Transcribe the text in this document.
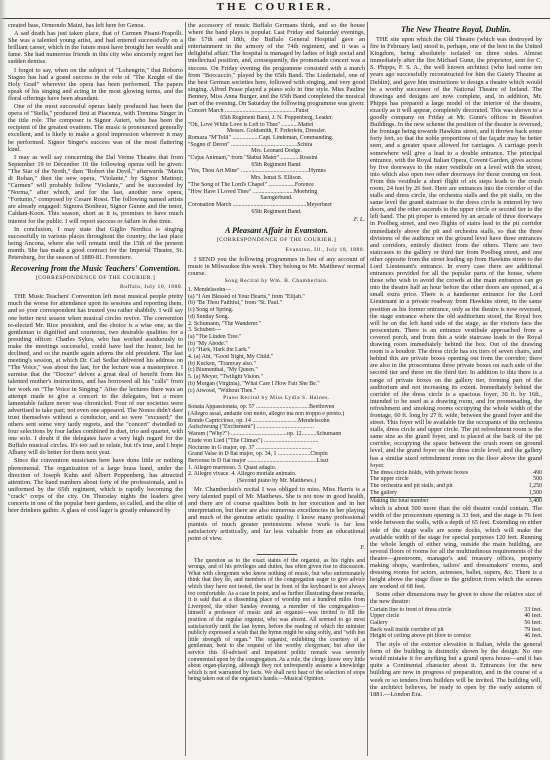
THE COURIER.

created bass, Ormondo Maini, has left here for Genoa.

A sad death has just taken place, that of Carmen Pisani-Frapolli. She was a talented young artist, and had entered successfully on a brilliant career, which in the future must have brought her wealth and fame. She had numerous friends in this city who sincerely regret her sudden demise.

I forgot to say, when on the subject of "Lohengrin," that Roberto Stagno has had a grand success in the role of "The Knight of the Holy Grail" wherever the opera has been performed. The papers speak of his singing and acting in the most glowing terms, and the floral offerings have been abundant.

One of the most successful operas lately produced has been the opera of "Stella," produced first at Piacenza, with Tremina Singer in the title role. The composer is Signor Auteri, who has been the recipient of the greatest ovations. The music is pronounced generally excellent, and is likely to make a good impression wherever it may be performed. Signor Singer's success was of the most flattering kind.

I may as well say concerning the Dal Verme Theatre that from September 19 to December 10 the following operas will be given: "The Star of the North," then "Robert the Devil," afterwards "Maria di Rohan," then the new opera, "Violante," by Signor Mattoni; "Carmen" will probably follow "Violante," and be succeeded by "Norma," after which, and for the last, another new opera, "Fortunio," composed by Cesare Rossi. The following named artists are already engaged: Signora Bonheur, Signor Gunne and the tenor, Caldani-Koon. This season, short as it is, promises to have much interest for the public. I will report success or failure in due time.

In conclusion, I may state that Giglio Nordica is singing successfully in various places throughout the country, the last place being Ancona, where she will remain until the 15th of the present month. She has made a good contract for the Imperial Theatre, St. Petersburg, for the season of 1880-81. Forestiere.

Recovering from the Music Teachers' Convention.

[CORRESPONDENCE OF THE COURIER.]

Buffalo, July 10, 1880.

THE Music Teachers' Convention left most musical people pretty much the worse for attendance upon its sessions and reporting them, and so your correspondent has trusted you rather shabbily. I will say one better next season when musical circles revive. The convention re-elected Mr. Rice president, and the choice is a wise one, as the gentleman is dignified and courteous, two desirable qualities for a presiding officer. Charles Sykes, who has worked assiduously to make the meetings successful, could have had the honor, but he declined, and so the mantle again adorns the old president. The last meeting's session, at which Dr. Carl Sedlar delivered his address on "The Voice," was about the last, for the lecture was a masterpiece. I surmise that the "Doctor" delves a great deal of benefit from his talented mother's instructions, and has borrowed all his "calls" from her work on "The Voice in Singing." After the lectures there was an attempt made to give a concert to the delegates, but a more lamentable failure never was chronicled. Four of our societies were advertised to take part; not even one appeared. The Nonos didn't dare trust themselves without a conductor, and so were "excused;" the others sent some very tardy regrets, and the "concert" dwindled to four selections by four ladies combined in duet, trio and quartet, with one solo. I doubt if the delegates have a very high regard for the Buffalo musical circles. It's too sad to relate, but it's true, and I hope Albany will do better for them next year.

Since the convention musicians here have done little or nothing phenomenal. The organization of a large brass band, under the direction of Joseph Kuhn and Albert Poppenberg, has attracted attention. The band numbers about forty of the professionals, and is uniformed by the 65th regiment, which is rapidly becoming the "crack" corps of the city. On Thursday nights the leaders give concerts in one of the popular beer gardens, so called, and the elite of beer drinkers gather. A glass of cool lager is greatly enhanced by

the accessory of music Buffalo Germans think, and so the house where the band plays is popular. Last Friday and Saturday evenings, the 17th and 18th, the Buffalo General Hospital gave an entertainment in the armory of the 74th regiment, and it was a delightful affair. The hospital is managed by ladies of high social and intellectual position, and, consequently, the promenade concert was a success. On Friday evening the programme consisted with a march from "Boccaccio," played by the 65th Band. The Liedertafel, one of the best German societies here, followed with singing, and very good singing. Alfred Pease played a piano solo in fine style. Miss Pauline Benney, Miss Anna Burger, and the 65th Band completed the musical part of the evening. On Saturday the following programme was given:

Concert March ................................................Faust
65th Regiment Band, J. N. Poppenberg, Leader.
"Oh, Love While Love is Left to Thee" ...........Mattei
Messrs. Goldsmith, F. Federlein, Dressler.
Romaza "M'Tolli" ..................Capt. Lindeman, Commanding.
"Sogno d' Deron" .............................................Schira
Mrs. Leonard Dodge.
"Cujus Animam," from "Stabat Mater" .............Rossini
65th Regiment Band.
"Yes, Thou Art Mine" ..............................................Hymns
Mrs. Ismat S. Ellison.
"The Song of The Lord's Chapel" ..................Forence
"How Have I Loved Thee" ............................Moehring
Saengerbund.
Coronation March ..................................................Meyerbeer
65th Regiment Band.

F. L.

A Pleasant Affair in Evanston.

[CORRESPONDENCE OF THE COURIER.]

Evanston, Ill., July 18, 1880.

I SEND you the following programmes in lieu of any account of music in Milwaukee this week. They belong to Mr. Matthews' normal course.

Song Recital by Wm. B. Chamberlain.

1. Mendelssohn—
(a) "I Am Blessed of Your Hearts," from "Elijah."
(b) "Be Thou Faithful," from "St. Paul."
(c) Song of Spring.
(d) Sunday Song.
2. Schumann, "The Wanderer."
3. Schubert—
(a) "The Linden Tree."
(b) "My Abode."
(c) "Hark, Hark the Lark."
4. (a) Abt, "Good Night, My Child."
(b) Kucken, "Tramvay also."
(c) Blumenthal, "My Queen."
5. (a) Meyer, "Twilight Vision."
(b) Morgan (Virginia), "What Care I How Fair She Be."
(c) Atwood, "Without Thee."

Piano Recital by Miss Lydia S. Haines.

Sonata Appassionata, op. 57 ....................................Beethoven
(Allegro assai, andante con moto, allegro ma non troppo e presto.)
Rondo Capriccioso, op. 14 ...............................Mendelssohn
Aufschwung ("Excitement") .......................................
Warum ("Why?") ......................................op. 12..........Schumann
Etude von Lied ("The Climax") .....................................
Nocturne in G major, op. 37 ......................................
Grand Valse in D flat major, op. 34, 1 ......................Chopin
Berceuse in D flat major ...............................................Liszt
1. Allegro marmoso. 3. Quasi adagio.
2. Allegro vivace. 4. Allegro moriale animato.
(Second piano by Mr. Matthews.)

Mr. Chamberlain's recital I was obliged to miss. Miss Harris is a very talented pupil of Mr. Matthews. She is not now in good health, and there are of course qualities both in her execution and in her interpretation, but there are also numerous excellencies in her playing and much of the genuine artistic quality. I know many professional pianists of much greater pretensions whose work is far less satisfactory artistically, and far less valuable from an educational point of view.

F.

The question as to the exact status of the organist, as his rights and wrongs, and of his privileges and duties, has often given rise to discussion. What with clergymen who know nothing of music, but who unfortunately think that they do, and members of the congregation eager to give advice which they have not tested, the seat in front of the keyboard is not always too comfortable. As a case in point, and as further illustrating these remarks, it is said that at a dissenting place of worship not a hundred miles from Liverpool, the other Sunday evening, a member of the congregation—himself a professor of music and an organist—was invited to fill the position of the regular organist, who was absent. All seemed to go most satisfactorily until the last hymn, before the reading of which the minister publicly expressed a wish that the hymn might be sung softly, and "with but little strength of organ." The organist, exhibiting the courtesy of a gentleman, bent to the request of the worthy clergyman; but after the service this ill-advised and impatient politic remark was severely commented upon by the congregation. As a rule, the clergy know very little about organ-playing, although they not unfrequently assume a knowledge which is not warranted by facts. We shall next hear of the selection of stops being taken out of the organist's hands.—Musical Opinion.

The New Theatre Royal, Dublin.

THE site upon which the Old Theatre (which was destroyed by fire in February last) stood is, perhaps, one of the best in the United Kingdom, being absolutely isolated on three sides. Almost immediately after the fire Michael Gunn, the proprietor, sent for C. S. Phipps, F. S. A., the well known architect (who had some ten years ago successfully reconstructed for him the Gaiety Theatre at Dublin), and gave him instructions to design a theatre which would be a worthy successor of the National Theatre of Ireland. The drawings and designs are now complete, and, in addition, Mr. Phipps has prepared a large model of the interior of the theatre, exactly as it will appear, completely decorated. This was shown to a goodly company on Friday at Mr. Gunn's offices in Beaufort Buildings. In the new scheme the position of the theatre is reversed, the frontage being towards Hawkins street, and it thrown back some forty feet, so that the noble proportions of the façade may be better seen, and a greater space allowed for carriages. A carriage porch somewhere will give a lead to a double entrance. The principal entrance, with the Royal Italian Opera, Covent Garden, gives access by five doorways to the outer vestibule on a level with the street, into which also open two other doorways for those coming on foot. From this vestibule a short flight of six steps leads to the crush room, 24 feet by 26 feet. Here are entrances into the corridor of the stalls and dress circle, the orchestra stalls and the pit stalls, on the same level the grand staircase to the dress circle is entered by two doors, and the other ascends to the upper circle or second tier to the left hand. The pit proper is entered by an arcade of three doorways in Poolbeg street, and two flights of stairs lead to the pit corridor immediately above the pit and orchestra stalls, so that the three divisions of the audience on the ground level have three entrances and corridors, entirely distinct from the others. There are two staircases to the gallery or third tier from Poolbeg street, and one other opposite from the street leading up from Hawkins street to the Lord Lieutenant's entrance. In every case there are additional entrances provided for all the popular parts of the house, where those who wish to avoid the crowds at the main entrances can go into the theatre half an hour before the other doors are opened, at a small extra price. There is a handsome entrance for the Lord Lieutenant in a private roadway from Hawkins street, in the same position as his former entrance, only as the theatre is now reversed, the stage entrance where the old auditorium stood, the Royal box will be on the left hand side of the stage, as the visitors face the proscenium. There is an entrance vestibule approached from a covered porch, and from this a wide staircase leads to the Royal drawing room immediately behind the box. Out of the drawing room is a boudoir. The dress circle has six tiers of seven chairs, and behind this are private boxes opening out from the corridor; there are also in the prosceniums three private boxes on each side of the second tier and three on the third tier. In addition to this there is a range of private boxes on the gallery tier, forming part of the auditorium and not increasing its extent. Immediately behind the corridor of the dress circle is a spacious foyer, 30 ft. by 16ft., intended to be used as a drawing room, and for promenading, the refreshment and smoking rooms occupying the whole width of the frontage, 60 ft. long by 27 ft. wide, between the grand foyer and the street. This foyer will be available for the occupants of the orchestra stalls, dress circle and upper circle. The pit refreshment room is the same size as the grand foyer, and is placed at the back of the pit corridor, occupying the space between the crush room on ground level, and the grand foyer on the dress circle level; and the gallery has a similar sized refreshment room on the floor above the grand foyer.

The dress circle holds, with private boxes	490
The upper circle	500
The orchestra and pit stalls, and pit	1,250
The gallery	1,500
Making the total number	3,400

which is about 500 more than the old theatre could contain. The width of the proscenium opening is 33 feet, and the stage is 76 feet wide between the walls, with a depth of 65 feet. Extending on either side of the stage walls are scene docks, which will make the available width of the stage for special purposes 120 feet. Running the whole length of either wing, outside the main building, are several floors of rooms for all the multitudinous requirements of the theatre—greenroom, manager's and treasury offices, property making shops, wardrobes, tailors' and dressmakers' rooms, and dressing rooms for actors, actresses, ballet, supers, &c. There is a height above the stage floor to the gridiron from which the scenes are worked of 68 feet.

Some other dimensions may be given to show the relative size of the new theatre:

Curtain line to front of dress circle	33 feet.
Upper circle	40 feet.
Gallery	56 feet.
Back wall inside corridor of pit	79 feet.
Height of ceiling above pit floor to cornice	46 feet.

The style of the exterior elevation is Italian, while the general form of the building is distinctly shown by the design. No one would mistake it for anything but a grand opera house—and it has quite a Continental character about it. Entrances for the new building are now in progress of preparation, and in the course of a week or so tenders from builders will be invited. The building will, the architect believes, be ready to open by the early autumn of 1881.—London Era.
